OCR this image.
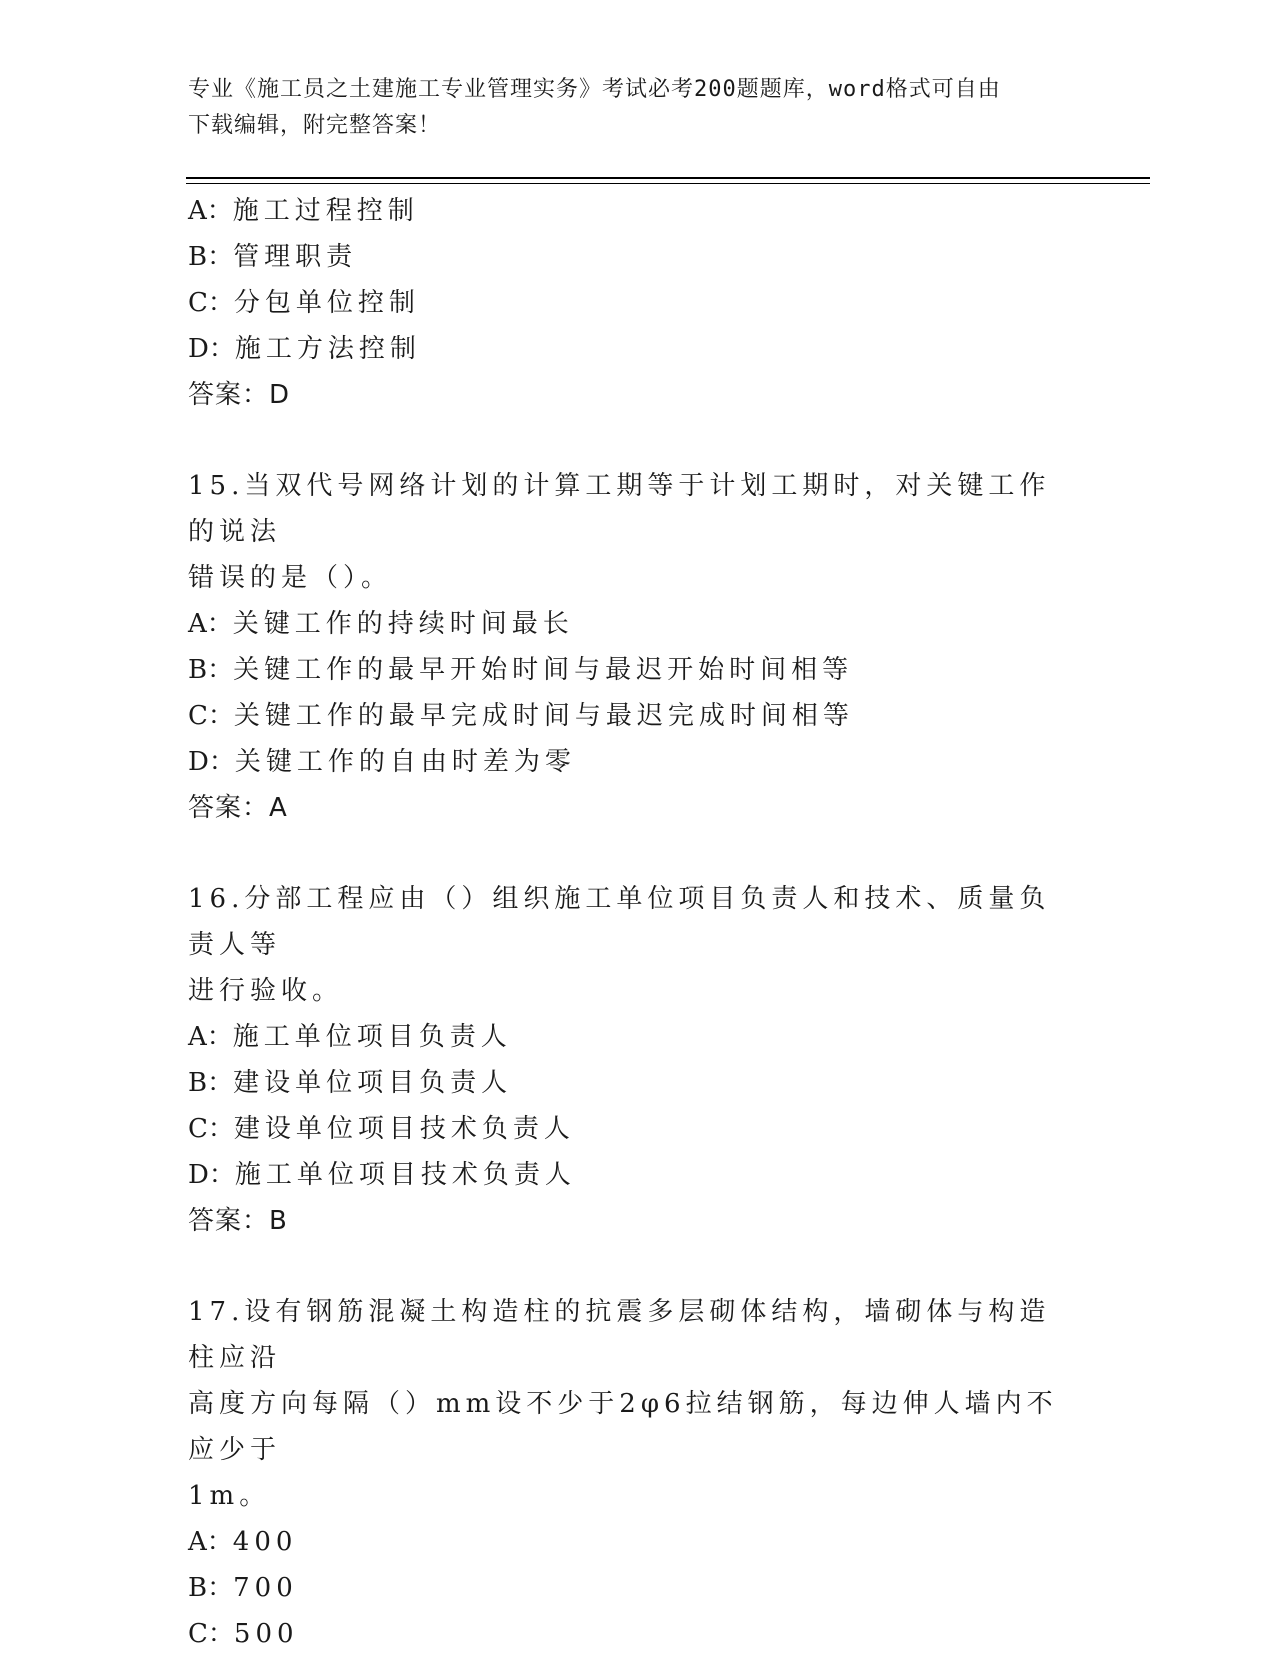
专业《施工员之土建施工专业管理实务》考试必考200题题库，word格式可自由
下载编辑，附完整答案！
A：施工过程控制
B：管理职责
C：分包单位控制
D：施工方法控制
答案：D
15.当双代号网络计划的计算工期等于计划工期时，对关键工作的说法
错误的是（）。
A：关键工作的持续时间最长
B：关键工作的最早开始时间与最迟开始时间相等
C：关键工作的最早完成时间与最迟完成时间相等
D：关键工作的自由时差为零
答案：A
16.分部工程应由（）组织施工单位项目负责人和技术、质量负责人等
进行验收。
A：施工单位项目负责人
B：建设单位项目负责人
C：建设单位项目技术负责人
D：施工单位项目技术负责人
答案：B
17.设有钢筋混凝土构造柱的抗震多层砌体结构，墙砌体与构造柱应沿
高度方向每隔（）mm设不少于2φ6拉结钢筋，每边伸人墙内不应少于
1m。
A：400
B：700
C：500
